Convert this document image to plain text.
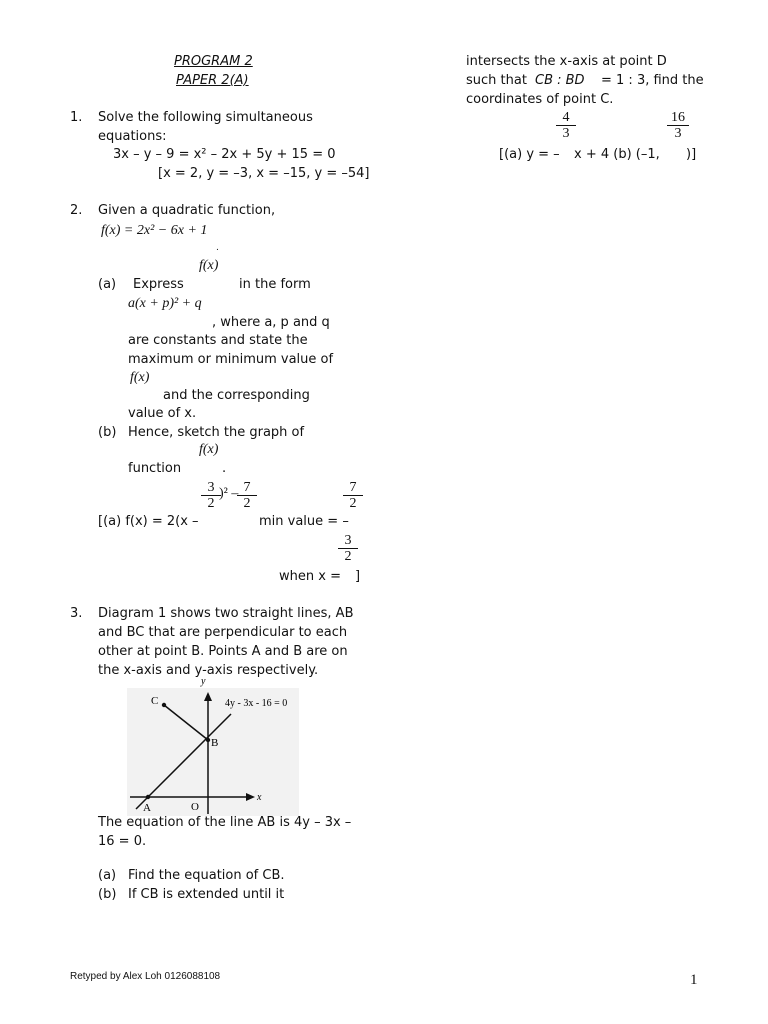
PROGRAM 2
PAPER 2(A)
1. Solve the following simultaneous
equations:
3x – y – 9 = x² – 2x + 5y + 15 = 0
[x = 2, y = –3, x = –15, y = –54]
2. Given a quadratic function,
f(x) = 2x² − 6x + 1
.
f(x)
(a) Express	in the form
a(x + p)² + q
, where a, p and q
are constants and state the
maximum or minimum value of
f(x)
and the corresponding
value of x.
(b) Hence, sketch the graph of
f(x)
function	.
$\frac{3}{2}$
)² –
$\frac{7}{2}$	$\frac{7}{2}$
[(a) f(x) = 2(x –	min value = –
$\frac{3}{2}$
when x = ]
3. Diagram 1 shows two straight lines, AB
and BC that are perpendicular to each
other at point B. Points A and B are on
the x-axis and y-axis respectively.
y
C	4y - 3x - 16 = 0
B
x
A	O
The equation of the line AB is 4y – 3x –
16 = 0.
(a) Find the equation of CB.
(b) If CB is extended until it
intersects the x-axis at point D
such that CB : BD = 1 : 3, find the
coordinates of point C.
$\frac{4}{3}$	$\frac{16}{3}$
[(a) y = – x + 4 (b) (–1, )]
Retyped by Alex Loh 0126088108	1
